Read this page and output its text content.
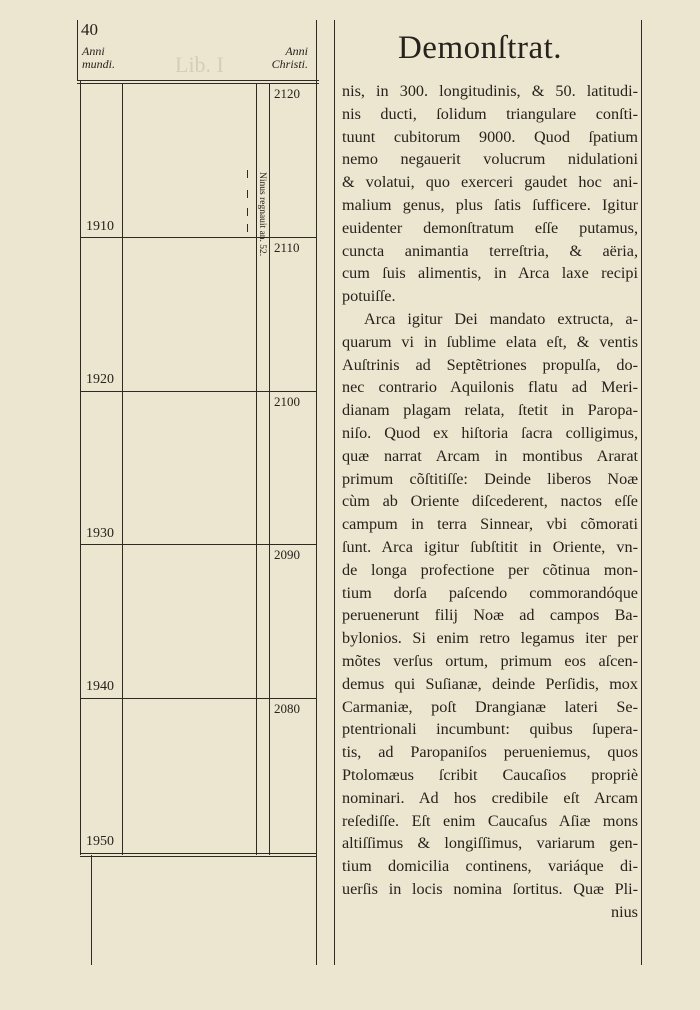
40
Anni
mundi.
Anni
Christi.
Lib. I
1910
1920
1930
1940
1950
2120
2110
2100
2090
2080
Ninus regnauit an. 52.
Demonſtrat.
nis, in 300. longitudinis, & 50. latitudi-
nis ducti, ſolidum triangulare conſti-
tuunt cubitorum 9000. Quod ſpatium
nemo negauerit volucrum nidulationi
& volatui, quo exerceri gaudet hoc ani-
malium genus, plus ſatis ſufficere. Igitur
euidenter demonſtratum eſſe putamus,
cuncta animantia terreſtria, & aëria,
cum ſuis alimentis, in Arca laxe recipi
potuiſſe.
Arca igitur Dei mandato extructa, a-
quarum vi in ſublime elata eſt, & ventis
Auſtrinis ad Septẽtriones propulſa, do-
nec contrario Aquilonis flatu ad Meri-
dianam plagam relata, ſtetit in Paropa-
niſo. Quod ex hiſtoria ſacra colligimus,
quæ narrat Arcam in montibus Ararat
primum cõſtitiſſe: Deinde liberos Noæ
cùm ab Oriente diſcederent, nactos eſſe
campum in terra Sinnear, vbi cõmorati
ſunt. Arca igitur ſubſtitit in Oriente, vn-
de longa profectione per cõtinua mon-
tium dorſa paſcendo commorandóque
peruenerunt filij Noæ ad campos Ba-
bylonios. Si enim retro legamus iter per
mõtes verſus ortum, primum eos aſcen-
demus qui Suſianæ, deinde Perſidis, mox
Carmaniæ, poſt Drangianæ lateri Se-
ptentrionali incumbunt: quibus ſupera-
tis, ad Paropaniſos perueniemus, quos
Ptolomæus ſcribit Caucaſios propriè
nominari. Ad hos credibile eſt Arcam
reſediſſe. Eſt enim Caucaſus Aſiæ mons
altiſſimus & longiſſimus, variarum gen-
tium domicilia continens, variáque di-
uerſis in locis nomina ſortitus. Quæ Pli-
nius
